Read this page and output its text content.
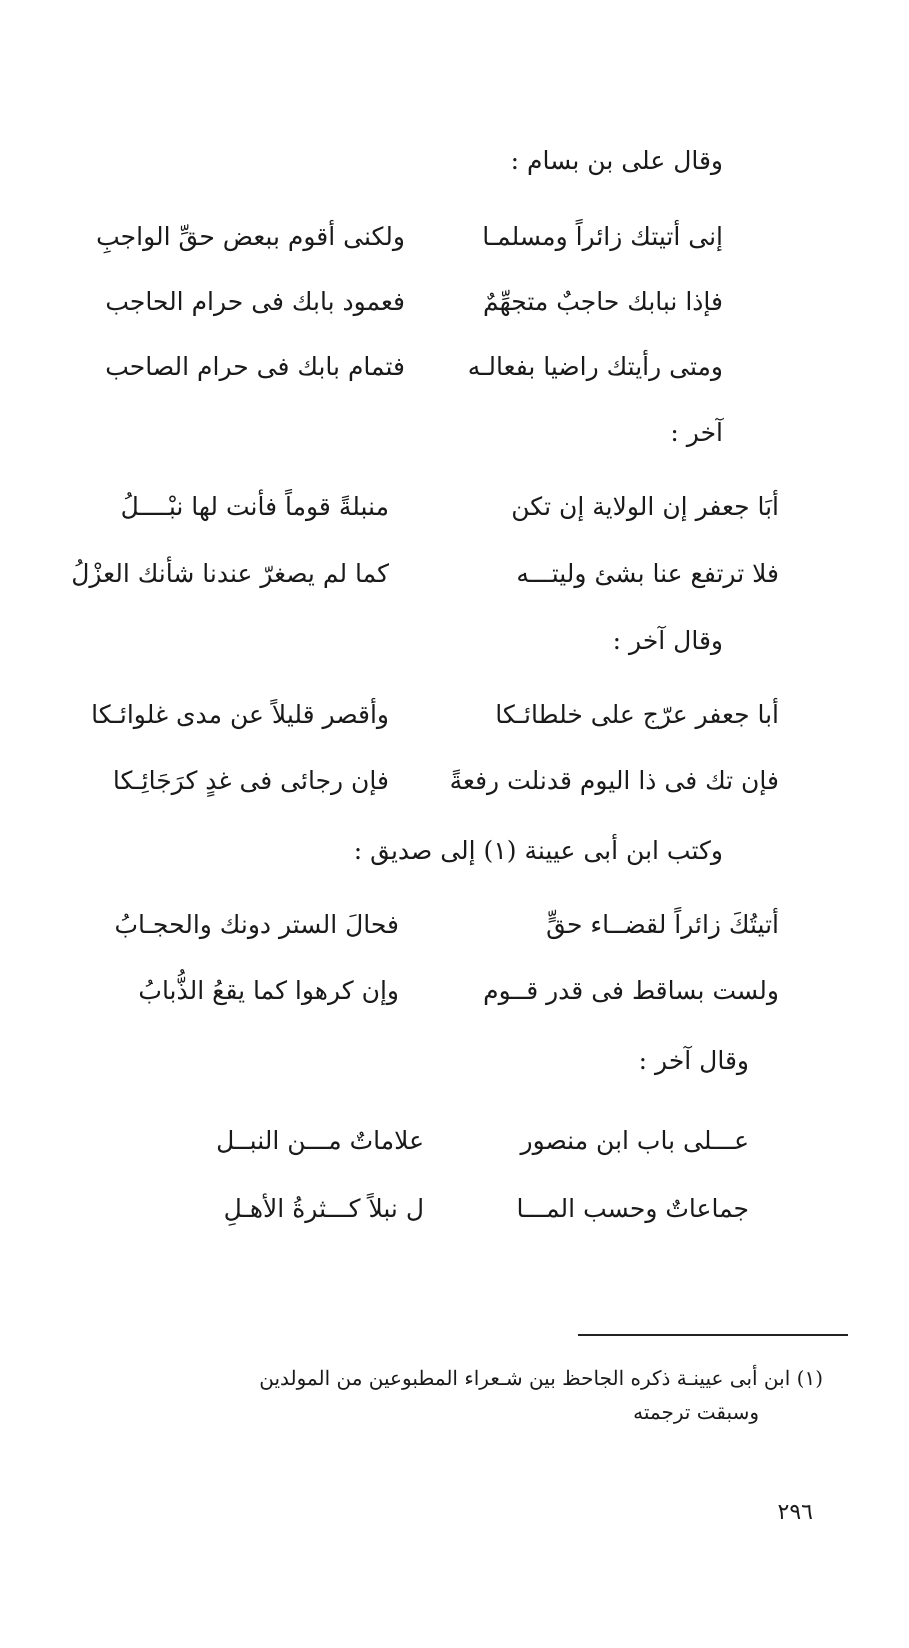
وقال على بن بسام :
إنى أتيتك زائراً ومسلمـا
ولكنى أقوم ببعض حقِّ الواجبِ
فإذا نبابك حاجبٌ متجهِّمٌ
فعمود بابك فى حرام الحاجب
ومتى رأيتك راضيا بفعالـه
فتمام بابك فى حرام الصاحب
آخر :
أبَا جعفر إن الولاية إن تكن
منبلةً قوماً فأنت لها نبْــــلُ
فلا ترتفع عنا بشئ وليتـــه
كما لم يصغرّ عندنا شأنك العزْلُ
وقال آخر :
أبا جعفر عرّج على خلطائـكا
وأقصر قليلاً عن مدى غلوائـكا
فإن تك فى ذا اليوم قدنلت رفعةً
فإن رجائى فى غدٍ كرَجَائِـكا
وكتب ابن أبى عيينة (١) إلى صديق :
أتيتُكَ زائراً لقضــاء حقٍّ
فحالَ الستر دونك والحجـابُ
ولست بساقط فى قدر قــوم
وإن كرهوا كما يقعُ الذُّبابُ
وقال آخر :
عـــلى باب ابن منصور
علاماتٌ مـــن النبــل
جماعاتٌ وحسب المـــا
ل نبلاً كـــثرةُ الأهـلِ
(١) ابن أبى عيينـة ذكره الجاحظ بين شـعراء المطبوعين من المولدين
وسبقت ترجمته
٢٩٦
